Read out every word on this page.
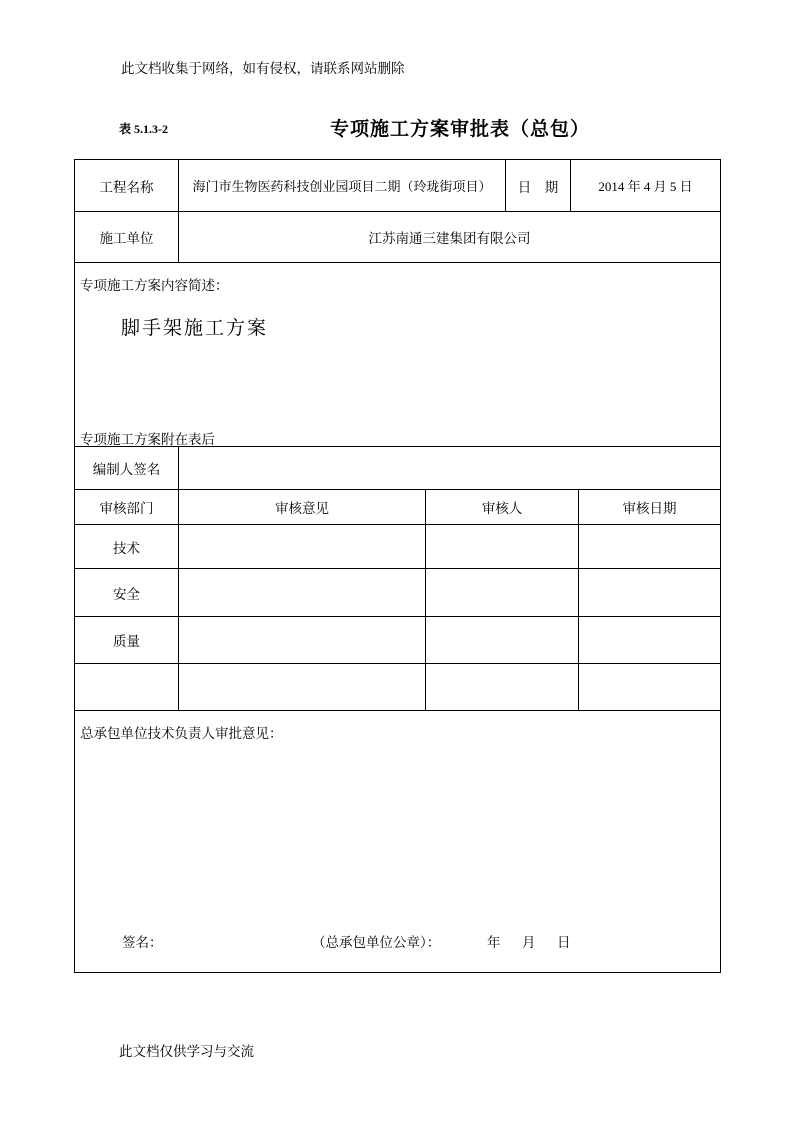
此文档收集于网络，如有侵权，请联系网站删除
表 5.1.3-2	专项施工方案审批表（总包）
工程名称	海门市生物医药科技创业园项目二期（玲珑街项目）	日　期	2014 年 4 月 5 日
施工单位	江苏南通三建集团有限公司
专项施工方案内容简述：
脚手架施工方案
专项施工方案附在表后
编制人签名
审核部门	审核意见	审核人	审核日期
技术
安全
质量
总承包单位技术负责人审批意见：
签名：	（总承包单位公章）：	年 月 日
此文档仅供学习与交流
